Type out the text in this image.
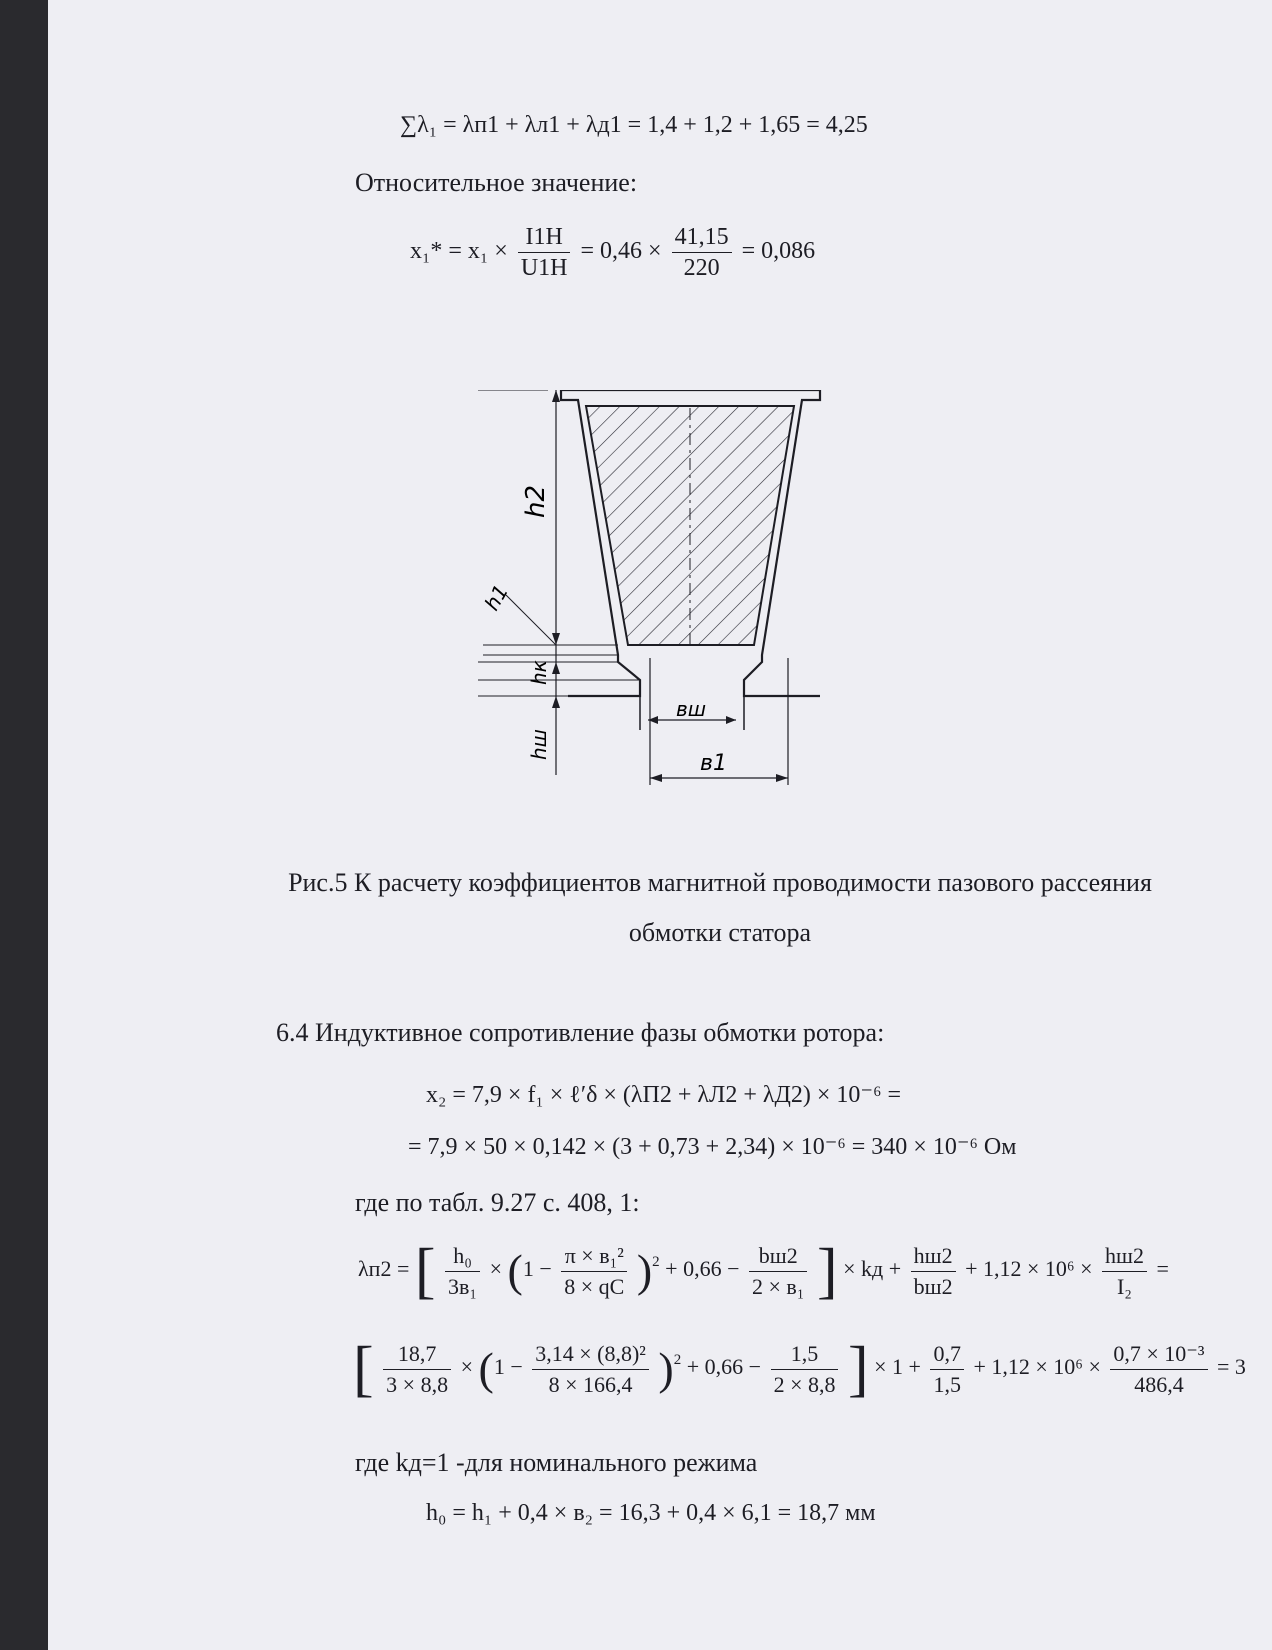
∑λ₁ = λп1 + λл1 + λд1 = 1,4 + 1,2 + 1,65 = 4,25
Относительное значение:
$x_1* = x_1 \times \frac{I1Н}{U1Н} = 0,46 \times \frac{41,15}{220} = 0,086$
h2
h1
hк
hш
вш
в1
Рис.5 К расчету коэффициентов магнитной проводимости пазового рассеяния
обмотки статора
6.4 Индуктивное сопротивление фазы обмотки ротора:
x₂ = 7,9 × f₁ × ℓ′δ × (λП2 + λЛ2 + λД2) × 10⁻⁶ =
= 7,9 × 50 × 0,142 × (3 + 0,73 + 2,34) × 10⁻⁶ = 340 × 10⁻⁶ Ом
где по табл. 9.27 с. 408, 1:
λп2 = [ $\frac{\text{h₀}}{\text{3в₁}} \times (1 - \frac{\text{π × в₁²}}{8 \times qС} )^2 + 0,66 - \frac{bш2}{\text{2 × в₁}}$ ] × kд + $\frac{hш2}{bш2} + 1,12 \times 10^6 \times \frac{hш2}{\text{I₂}}$ =
[ $\frac{18,7}{3 \times 8,8} \times (1 - \frac{\text{3,14 × (8,8)²}}{8 \times 166,4} )^2 + 0,66 - \frac{1,5}{2 \times 8,8}$ ] × $1 + \frac{0,7}{1,5} + 1,12 \times 10^6 \times \frac{\text{0,7 × 10⁻³}}{486,4} = 3$
где kд=1 -для номинального режима
h₀ = h₁ + 0,4 × в₂ = 16,3 + 0,4 × 6,1 = 18,7 мм
